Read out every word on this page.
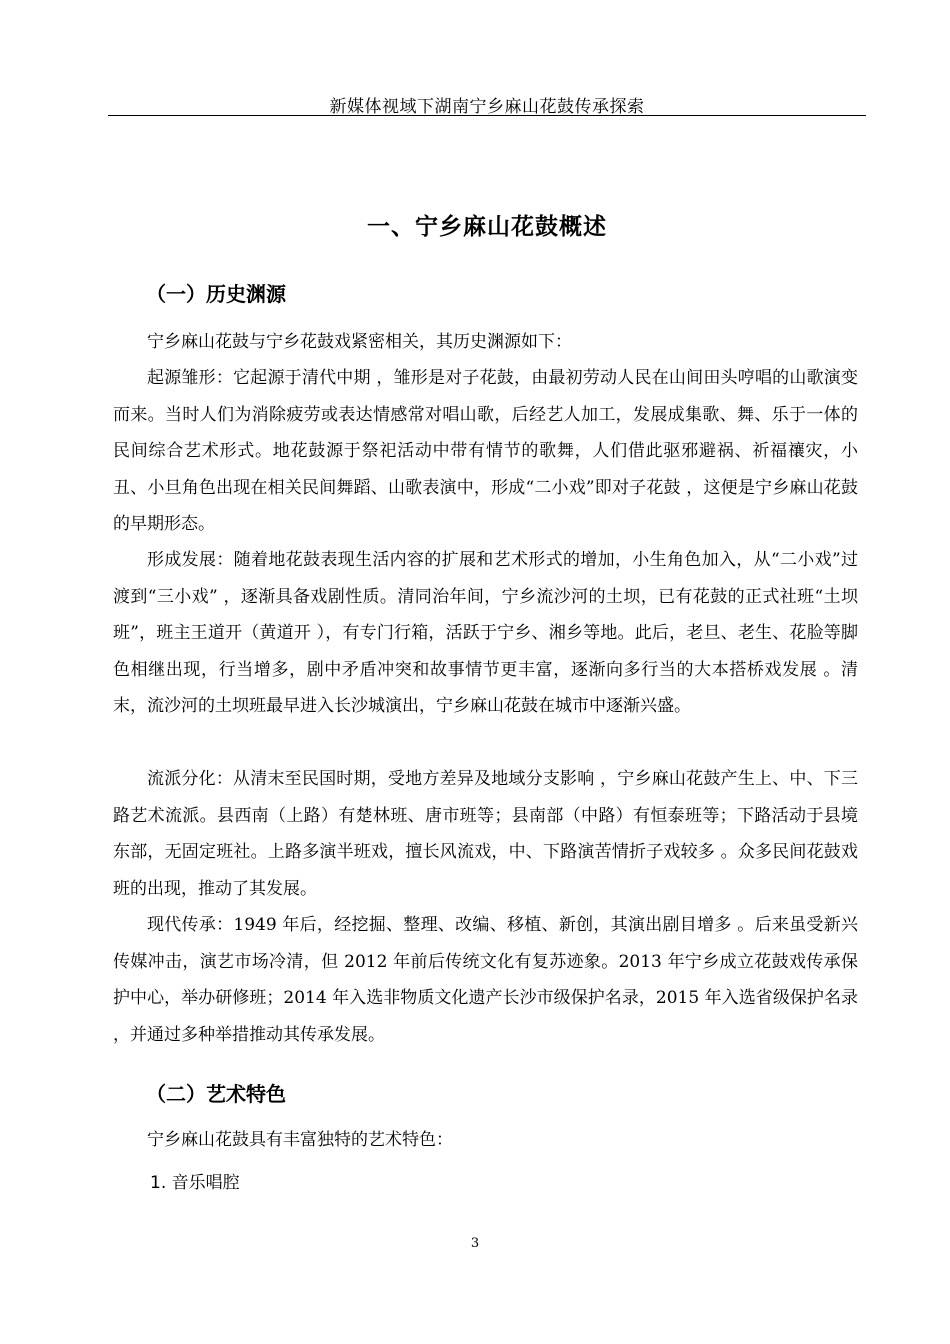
新媒体视域下湖南宁乡麻山花鼓传承探索
一、宁乡麻山花鼓概述
（一）历史渊源

宁乡麻山花鼓与宁乡花鼓戏紧密相关，其历史渊源如下：

起源雏形：它起源于清代中期 ，雏形是对子花鼓，由最初劳动人民在山间田头哼唱的山歌演变而来。当时人们为消除疲劳或表达情感常对唱山歌，后经艺人加工，发展成集歌、舞、乐于一体的民间综合艺术形式。地花鼓源于祭祀活动中带有情节的歌舞，人们借此驱邪避祸、祈福禳灾，小丑、小旦角色出现在相关民间舞蹈、山歌表演中，形成“二小戏”即对子花鼓 ，这便是宁乡麻山花鼓的早期形态。

形成发展：随着地花鼓表现生活内容的扩展和艺术形式的增加，小生角色加入，从“二小戏”过渡到“三小戏” ，逐渐具备戏剧性质。清同治年间，宁乡流沙河的土坝，已有花鼓的正式社班“土坝班”，班主王道开（黄道开 ），有专门行箱，活跃于宁乡、湘乡等地。此后，老旦、老生、花脸等脚色相继出现，行当增多，剧中矛盾冲突和故事情节更丰富，逐渐向多行当的大本搭桥戏发展 。清末，流沙河的土坝班最早进入长沙城演出，宁乡麻山花鼓在城市中逐渐兴盛。

流派分化：从清末至民国时期，受地方差异及地域分支影响 ，宁乡麻山花鼓产生上、中、下三路艺术流派。县西南（上路）有楚林班、唐市班等；县南部（中路）有恒泰班等；下路活动于县境东部，无固定班社。上路多演半班戏，擅长风流戏，中、下路演苦情折子戏较多 。众多民间花鼓戏班的出现，推动了其发展。

现代传承：1949 年后，经挖掘、整理、改编、移植、新创，其演出剧目增多 。后来虽受新兴传媒冲击，演艺市场冷清，但 2012 年前后传统文化有复苏迹象。2013 年宁乡成立花鼓戏传承保护中心，举办研修班；2014 年入选非物质文化遗产长沙市级保护名录，2015 年入选省级保护名录 ，并通过多种举措推动其传承发展。

（二）艺术特色

宁乡麻山花鼓具有丰富独特的艺术特色：

1. 音乐唱腔
3
